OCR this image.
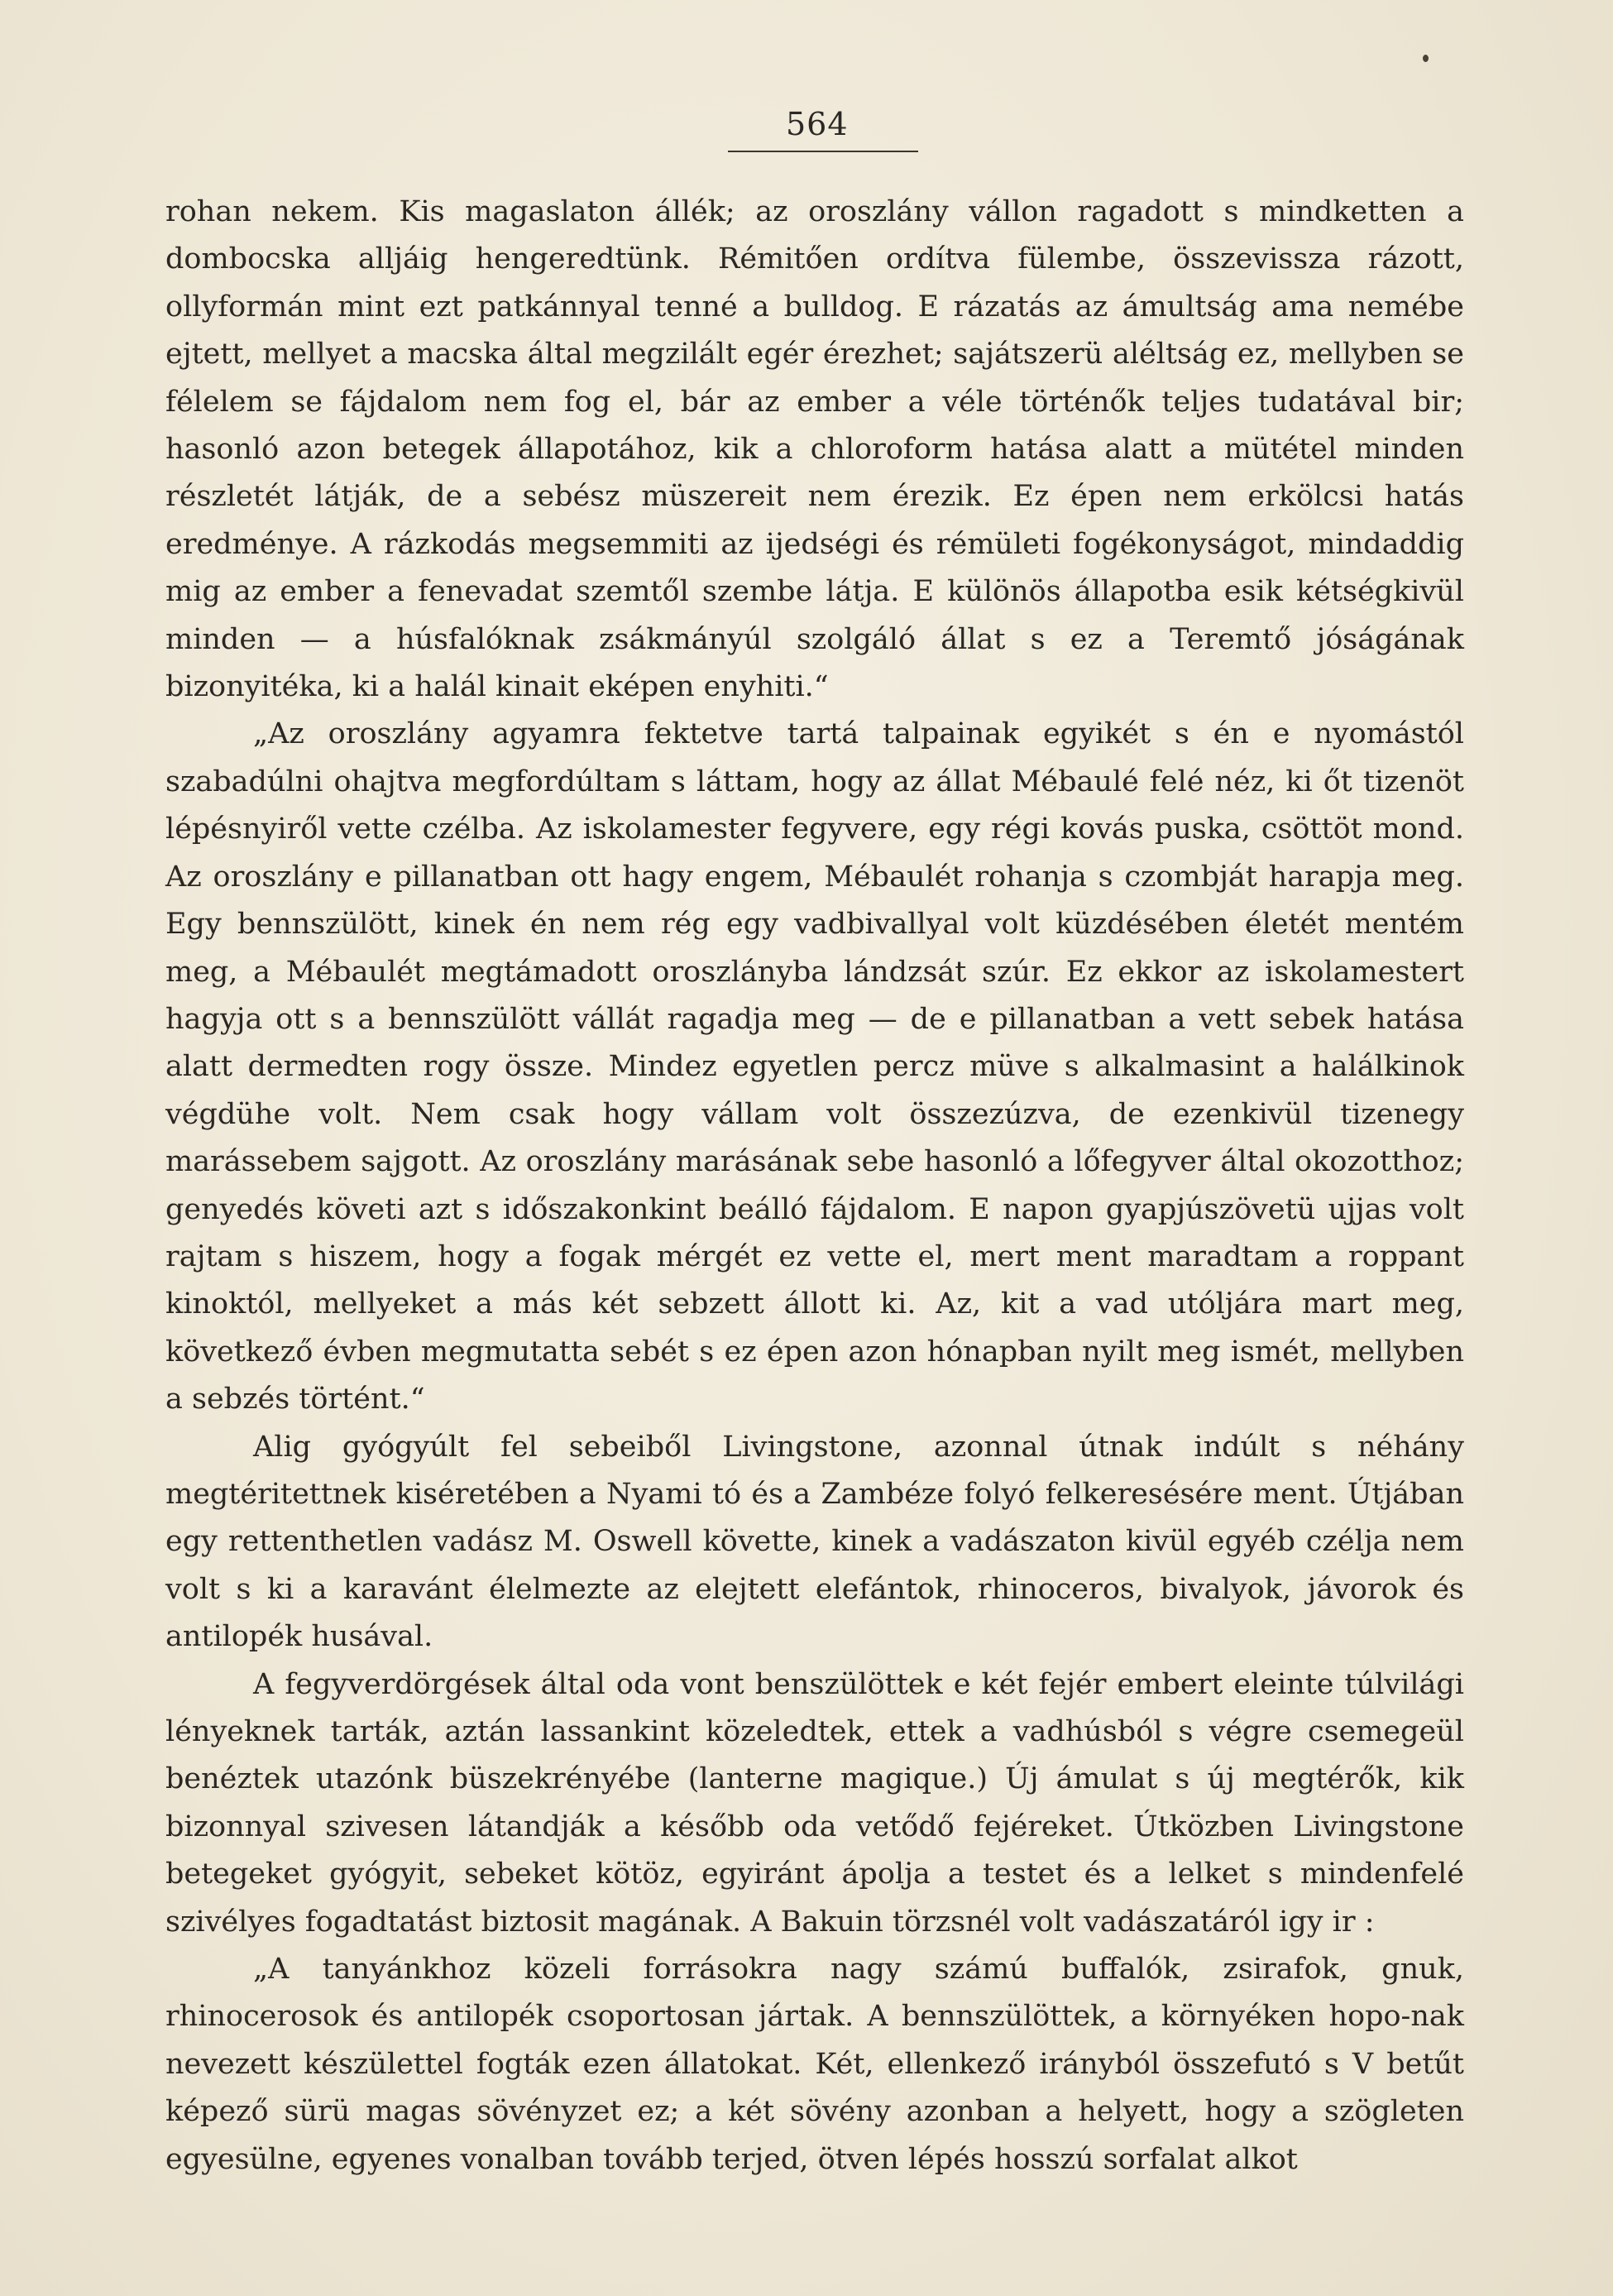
564

rohan nekem. Kis magaslaton állék; az oroszlány vállon ragadott s mindketten a dombocska alljáig hengeredtünk. Rémitően ordítva fülembe, összevissza rázott, ollyformán mint ezt patkánnyal tenné a bulldog. E rázatás az ámultság ama nemébe ejtett, mellyet a macska által megzilált egér érezhet; sajátszerü aléltság ez, mellyben se félelem se fájdalom nem fog el, bár az ember a véle történők teljes tudatával bir; hasonló azon betegek állapotához, kik a chloroform hatása alatt a mütétel minden részletét látják, de a sebész müszereit nem érezik. Ez épen nem erkölcsi hatás eredménye. A rázkodás megsemmiti az ijedségi és rémületi fogékonyságot, mindaddig mig az ember a fenevadat szemtől szembe látja. E különös állapotba esik kétségkivül minden — a húsfalóknak zsákmányúl szolgáló állat s ez a Teremtő jóságának bizonyitéka, ki a halál kinait eképen enyhiti.“

„Az oroszlány agyamra fektetve tartá talpainak egyikét s én e nyomástól szabadúlni ohajtva megfordúltam s láttam, hogy az állat Mébaulé felé néz, ki őt tizenöt lépésnyiről vette czélba. Az iskolamester fegyvere, egy régi kovás puska, csöttöt mond. Az oroszlány e pillanatban ott hagy engem, Mébaulét rohanja s czombját harapja meg. Egy bennszülött, kinek én nem rég egy vadbivallyal volt küzdésében életét mentém meg, a Mébaulét megtámadott oroszlányba lándzsát szúr. Ez ekkor az iskolamestert hagyja ott s a bennszülött vállát ragadja meg — de e pillanatban a vett sebek hatása alatt dermedten rogy össze. Mindez egyetlen percz müve s alkalmasint a halálkinok végdühe volt. Nem csak hogy vállam volt összezúzva, de ezenkivül tizenegy marássebem sajgott. Az oroszlány marásának sebe hasonló a lőfegyver által okozotthoz; genyedés követi azt s időszakonkint beálló fájdalom. E napon gyapjúszövetü ujjas volt rajtam s hiszem, hogy a fogak mérgét ez vette el, mert ment maradtam a roppant kinoktól, mellyeket a más két sebzett állott ki. Az, kit a vad utóljára mart meg, következő évben megmutatta sebét s ez épen azon hónapban nyilt meg ismét, mellyben a sebzés történt.“

Alig gyógyúlt fel sebeiből Livingstone, azonnal útnak indúlt s néhány megtéritettnek kiséretében a Nyami tó és a Zambéze folyó felkeresésére ment. Útjában egy rettenthetlen vadász M. Oswell követte, kinek a vadászaton kivül egyéb czélja nem volt s ki a karavánt élelmezte az elejtett elefántok, rhinoceros, bivalyok, jávorok és antilopék husával.

A fegyverdörgések által oda vont benszülöttek e két fejér embert eleinte túlvilági lényeknek tarták, aztán lassankint közeledtek, ettek a vadhúsból s végre csemegeül benéztek utazónk büszekrényébe (lanterne magique.) Új ámulat s új megtérők, kik bizonnyal szivesen látandják a később oda vetődő fejéreket. Útközben Livingstone betegeket gyógyit, sebeket kötöz, egyiránt ápolja a testet és a lelket s mindenfelé szivélyes fogadtatást biztosit magának. A Bakuin törzsnél volt vadászatáról igy ir :

„A tanyánkhoz közeli forrásokra nagy számú buffalók, zsirafok, gnuk, rhinocerosok és antilopék csoportosan jártak. A bennszülöttek, a környéken hopo-nak nevezett készülettel fogták ezen állatokat. Két, ellenkező irányból összefutó s V betűt képező sürü magas sövényzet ez; a két sövény azonban a helyett, hogy a szögleten egyesülne, egyenes vonalban tovább terjed, ötven lépés hosszú sorfalat alkot
